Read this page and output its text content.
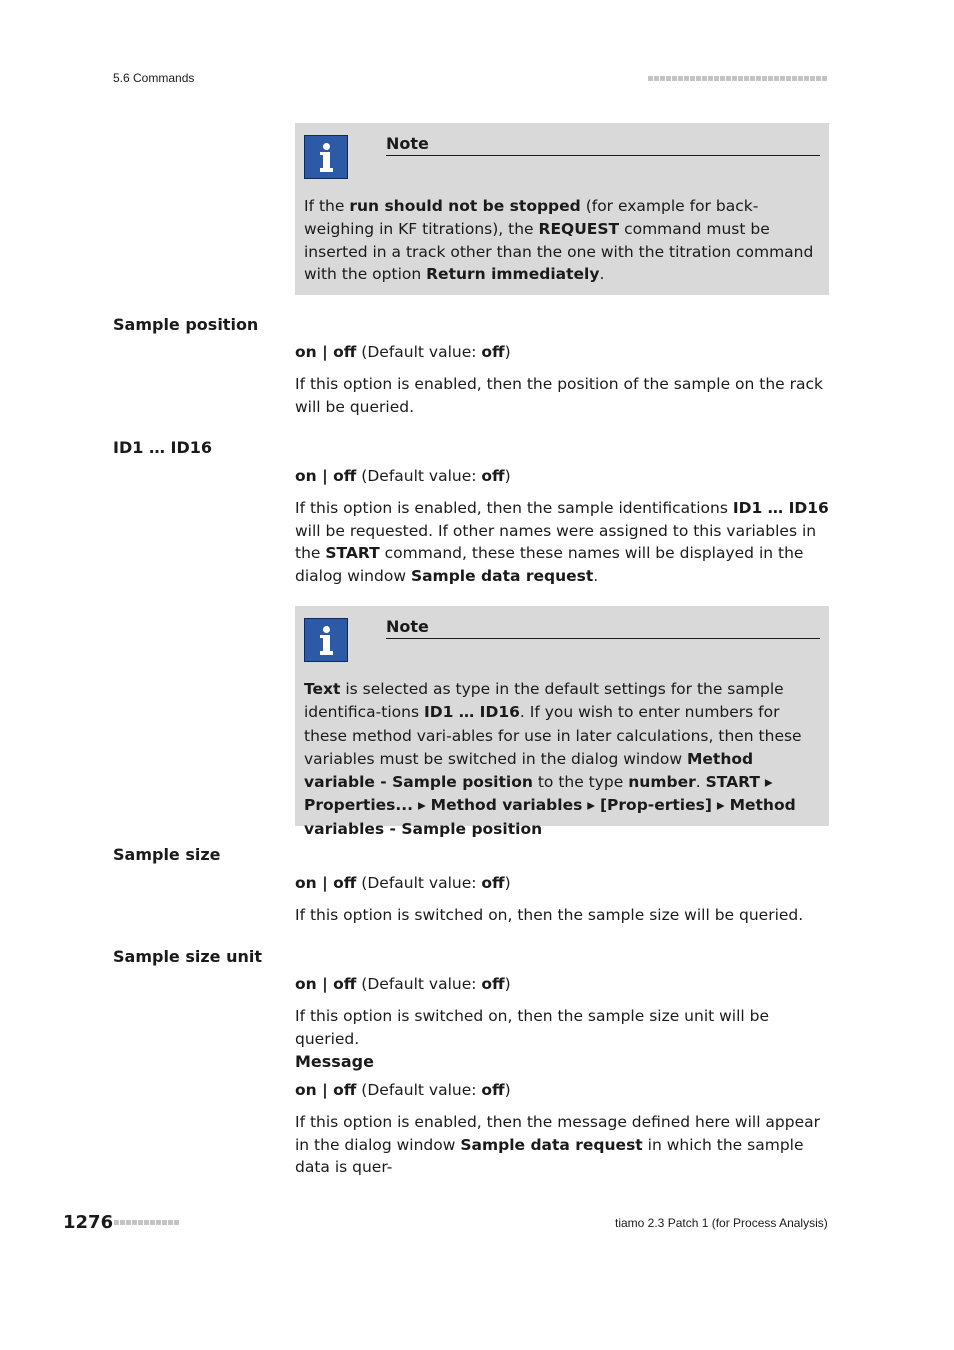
5.6 Commands
Note
If the run should not be stopped (for example for back-weighing in KF titrations), the REQUEST command must be inserted in a track other than the one with the titration command with the option Return immediately.
Sample position
on | off (Default value: off)
If this option is enabled, then the position of the sample on the rack will be queried.
ID1 … ID16
on | off (Default value: off)
If this option is enabled, then the sample identifications ID1 … ID16 will be requested. If other names were assigned to this variables in the START command, these these names will be displayed in the dialog window Sample data request.
Note
Text is selected as type in the default settings for the sample identifica-tions ID1 … ID16. If you wish to enter numbers for these method vari-ables for use in later calculations, then these variables must be switched in the dialog window Method variable - Sample position to the type number. START ▸ Properties... ▸ Method variables ▸ [Prop-erties] ▸ Method variables - Sample position
Sample size
on | off (Default value: off)
If this option is switched on, then the sample size will be queried.
Sample size unit
on | off (Default value: off)
If this option is switched on, then the sample size unit will be queried.
Message
on | off (Default value: off)
If this option is enabled, then the message defined here will appear in the dialog window Sample data request in which the sample data is quer-
1276	tiamo 2.3 Patch 1 (for Process Analysis)
